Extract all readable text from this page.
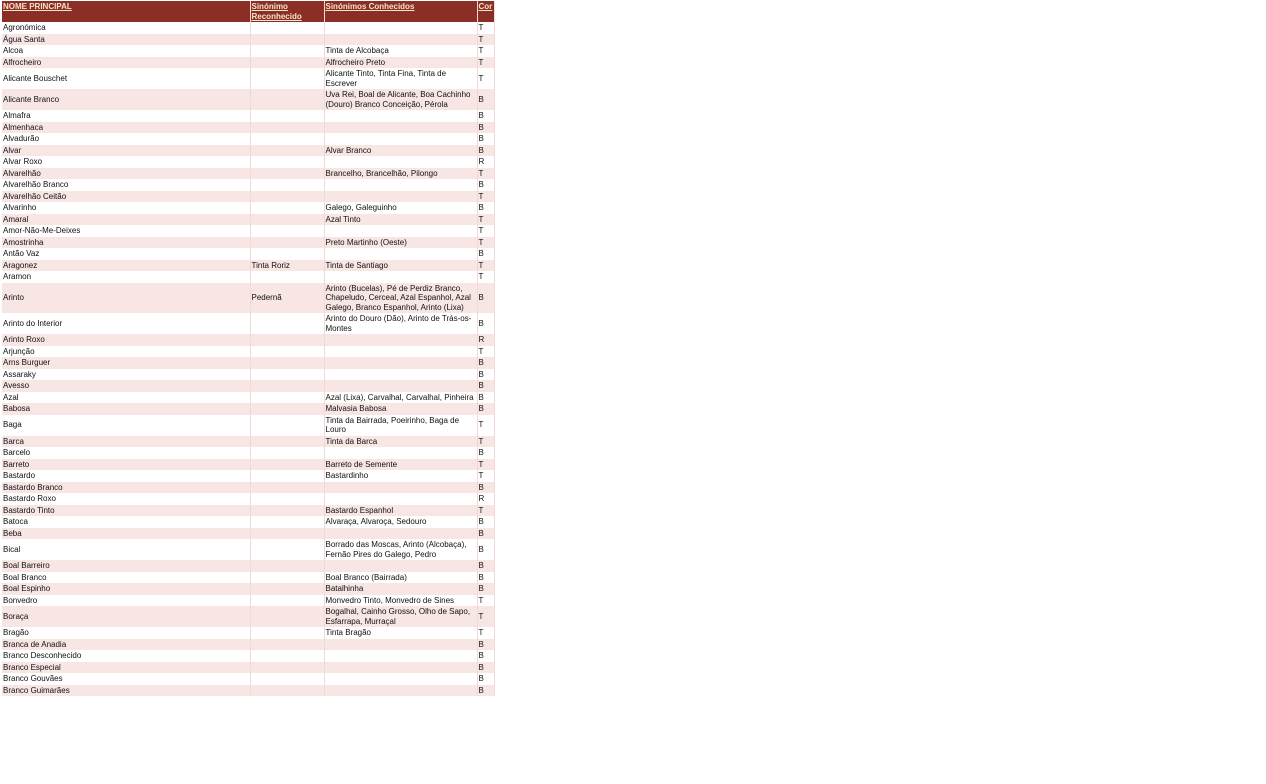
NOME PRINCIPAL	Sinónimo Reconhecido	Sinónimos Conhecidos	Cor
Agronómica			T
Água Santa			T
Alcoa		Tinta de Alcobaça	T
Alfrocheiro		Alfrocheiro Preto	T
Alicante Bouschet		Alicante Tinto, Tinta Fina, Tinta de Escrever	T
Alicante Branco		Uva Rei, Boal de Alicante, Boa Cachinho (Douro) Branco Conceição, Pérola	B
Almafra			B
Almenhaca			B
Alvadurão			B
Alvar		Alvar Branco	B
Alvar Roxo			R
Alvarelhão		Brancelho, Brancelhão, Pilongo	T
Alvarelhão Branco			B
Alvarelhão Ceitão			T
Alvarinho		Galego, Galeguinho	B
Amaral		Azal Tinto	T
Amor-Não-Me-Deixes			T
Amostrinha		Preto Martinho (Oeste)	T
Antão Vaz			B
Aragonez	Tinta Roriz	Tinta de Santiago	T
Aramon			T
Arinto	Pedernã	Arinto (Bucelas), Pé de Perdiz Branco, Chapeludo, Cerceal, Azal Espanhol, Azal Galego, Branco Espanhol, Arinto (Lixa)	B
Arinto do Interior		Arinto do Douro (Dão), Arinto de Trás-os-Montes	B
Arinto Roxo			R
Arjunção			T
Arns Burguer			B
Assaraky			B
Avesso			B
Azal		Azal (Lixa), Carvalhal, Carvalhal, Pinheira	B
Babosa		Malvasia Babosa	B
Baga		Tinta da Bairrada, Poeirinho, Baga de Louro	T
Barca		Tinta da Barca	T
Barcelo			B
Barreto		Barreto de Semente	T
Bastardo		Bastardinho	T
Bastardo Branco			B
Bastardo Roxo			R
Bastardo Tinto		Bastardo Espanhol	T
Batoca		Alvaraça, Alvaroça, Sedouro	B
Beba			B
Bical		Borrado das Moscas, Arinto (Alcobaça), Fernão Pires do Galego, Pedro	B
Boal Barreiro			B
Boal Branco		Boal Branco (Bairrada)	B
Boal Espinho		Batalhinha	B
Bonvedro		Monvedro Tinto, Monvedro de Sines	T
Boraça		Bogalhal, Cainho Grosso, Olho de Sapo, Esfarrapa, Murraçal	T
Bragão		Tinta Bragão	T
Branca de Anadia			B
Branco Desconhecido			B
Branco Especial			B
Branco Gouvães			B
Branco Guimarães			B
